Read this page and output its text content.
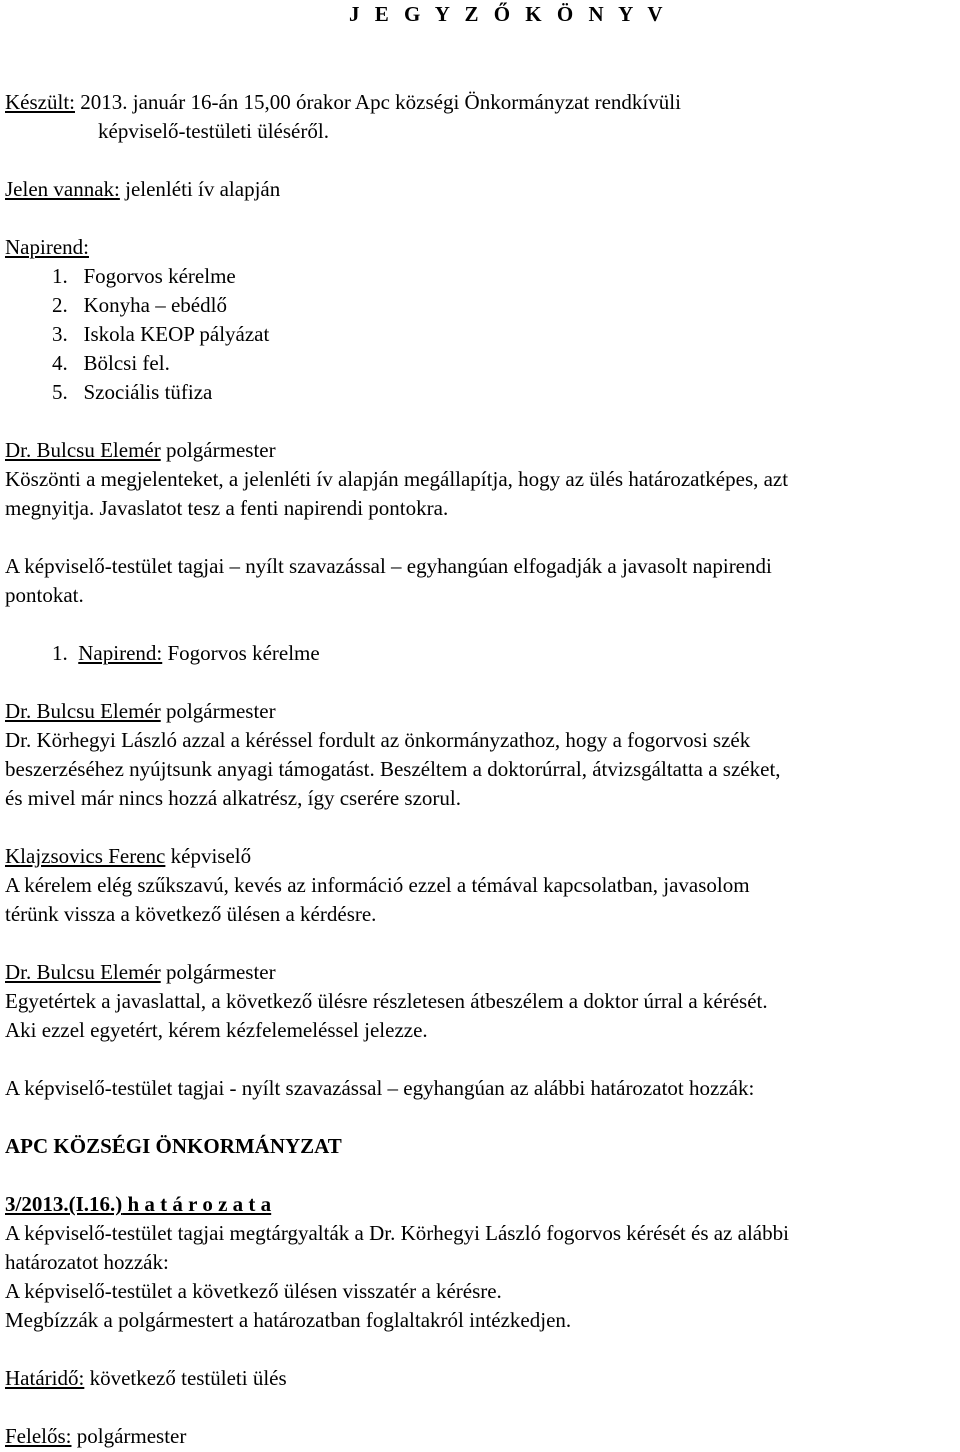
J E G Y Z Ő K Ö N Y V
Készült: 2013. január 16-án 15,00 órakor Apc községi Önkormányzat rendkívüli
képviselő-testületi üléséről.
Jelen vannak: jelenléti ív alapján
Napirend:
1. Fogorvos kérelme
2. Konyha – ebédlő
3. Iskola KEOP pályázat
4. Bölcsi fel.
5. Szociális tüfiza
Dr. Bulcsu Elemér polgármester
Köszönti a megjelenteket, a jelenléti ív alapján megállapítja, hogy az ülés határozatképes, azt
megnyitja. Javaslatot tesz a fenti napirendi pontokra.
A képviselő-testület tagjai – nyílt szavazással – egyhangúan elfogadják a javasolt napirendi
pontokat.
1. Napirend: Fogorvos kérelme
Dr. Bulcsu Elemér polgármester
Dr. Körhegyi László azzal a kéréssel fordult az önkormányzathoz, hogy a fogorvosi szék
beszerzéséhez nyújtsunk anyagi támogatást. Beszéltem a doktorúrral, átvizsgáltatta a széket,
és mivel már nincs hozzá alkatrész, így cserére szorul.
Klajzsovics Ferenc képviselő
A kérelem elég szűkszavú, kevés az információ ezzel a témával kapcsolatban, javasolom
térünk vissza a következő ülésen a kérdésre.
Dr. Bulcsu Elemér polgármester
Egyetértek a javaslattal, a következő ülésre részletesen átbeszélem a doktor úrral a kérését.
Aki ezzel egyetért, kérem kézfelemeléssel jelezze.
A képviselő-testület tagjai - nyílt szavazással – egyhangúan az alábbi határozatot hozzák:
APC KÖZSÉGI ÖNKORMÁNYZAT
3/2013.(I.16.) h a t á r o z a t a
A képviselő-testület tagjai megtárgyalták a Dr. Körhegyi László fogorvos kérését és az alábbi
határozatot hozzák:
A képviselő-testület a következő ülésen visszatér a kérésre.
Megbízzák a polgármestert a határozatban foglaltakról intézkedjen.
Határidő: következő testületi ülés
Felelős: polgármester
